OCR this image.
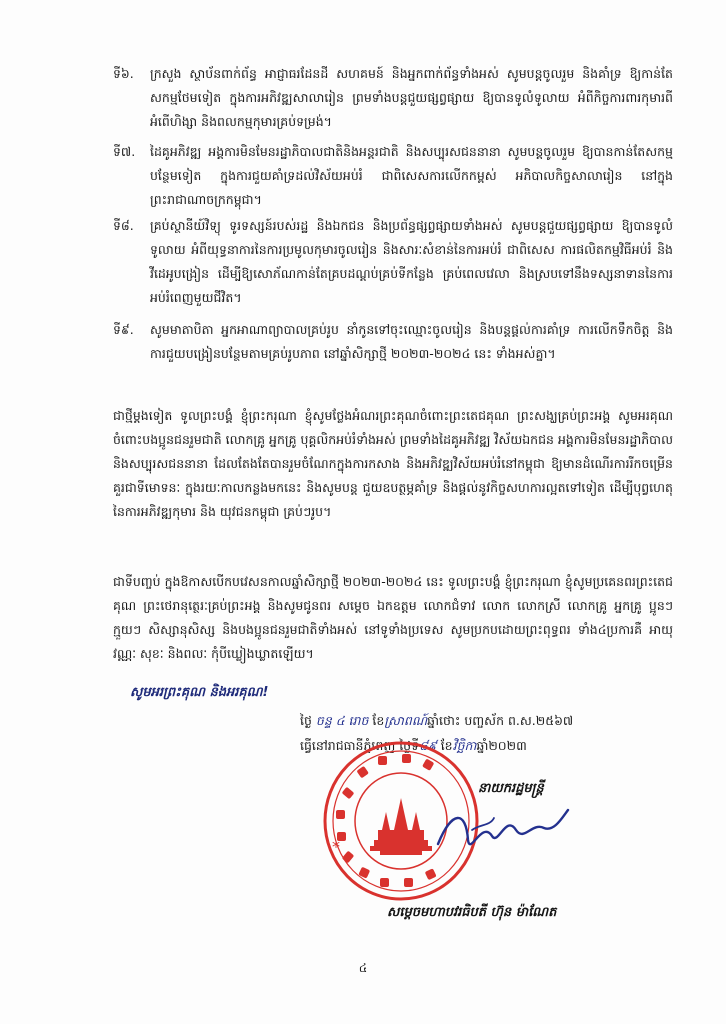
ទី៦.	ក្រសួង ស្ថាប័នពាក់ព័ន្ធ អាជ្ញាធរដែនដី សហគមន៍ និងអ្នកពាក់ព័ន្ធទាំងអស់ សូមបន្តចូលរួម និងគាំទ្រ ឱ្យកាន់តែសកម្មថែមទៀត ក្នុងការអភិវឌ្ឍសាលារៀន ព្រមទាំងបន្តជួយផ្សព្វផ្សាយ ឱ្យបានទូលំទូលាយ អំពីកិច្ចការពារកុមារពីអំពើហិង្សា និងពលកម្មកុមារគ្រប់ទម្រង់។
ទី៧.	ដៃគូអភិវឌ្ឍ អង្គការមិនមែនរដ្ឋាភិបាលជាតិនិងអន្តរជាតិ និងសប្បុរសជននានា សូមបន្តចូលរួម ឱ្យបានកាន់តែសកម្មបន្ថែមទៀត ក្នុងការជួយគាំទ្រដល់វិស័យអប់រំ ជាពិសេសការលើកកម្ពស់ អភិបាលកិច្ចសាលារៀន នៅក្នុងព្រះរាជាណាចក្រកម្ពុជា។
ទី៨.	គ្រប់ស្ថានីយ៍វិទ្យុ ទូរទស្សន៍របស់រដ្ឋ និងឯកជន និងប្រព័ន្ធផ្សព្វផ្សាយទាំងអស់ សូមបន្តជួយផ្សព្វផ្សាយ ឱ្យបានទូលំទូលាយ អំពីយុទ្ធនាការនៃការប្រមូលកុមារចូលរៀន និងសារៈសំខាន់នៃការអប់រំ ជាពិសេស ការផលិតកម្មវិធីអប់រំ និងវីដេអូបង្រៀន ដើម្បីឱ្យសោភ័ណកាន់តែគ្របដណ្តប់គ្រប់ទីកន្លែង គ្រប់ពេលវេលា និងស្របទៅនឹងទស្សនាទាននៃការអប់រំពេញមួយជីវិត។
ទី៩.	សូមមាតាបិតា អ្នកអាណាព្យាបាលគ្រប់រូប នាំកូនទៅចុះឈ្មោះចូលរៀន និងបន្តផ្តល់ការគាំទ្រ ការលើកទឹកចិត្ត និងការជួយបង្រៀនបន្ថែមតាមគ្រប់រូបភាព នៅឆ្នាំសិក្សាថ្មី ២០២៣-២០២៤ នេះ ទាំងអស់គ្នា។
ជាថ្មីម្តងទៀត ទូលព្រះបង្គំ ខ្ញុំព្រះករុណា ខ្ញុំសូមថ្លែងអំណរព្រះគុណចំពោះព្រះតេជគុណ ព្រះសង្ឃគ្រប់ព្រះអង្គ សូមអរគុណចំពោះបងប្អូនជនរួមជាតិ លោកគ្រូ អ្នកគ្រូ បុគ្គលិកអប់រំទាំងអស់ ព្រមទាំងដៃគូអភិវឌ្ឍ វិស័យឯកជន អង្គការមិនមែនរដ្ឋាភិបាល និងសប្បុរសជននានា ដែលតែងតែបានរួមចំណែកក្នុងការកសាង និងអភិវឌ្ឍវិស័យអប់រំនៅកម្ពុជា ឱ្យមានដំណើរការរីកចម្រើនគួរជាទីមោទនៈ ក្នុងរយៈកាលកន្លងមកនេះ និងសូមបន្ត ជួយឧបត្ថម្ភគាំទ្រ និងផ្តល់នូវកិច្ចសហការល្អតទៅទៀត ដើម្បីបុព្វហេតុនៃការអភិវឌ្ឍកុមារ និង យុវជនកម្ពុជា គ្រប់ៗរូប។
ជាទីបញ្ចប់ ក្នុងឱកាសបើកបវេសនកាលឆ្នាំសិក្សាថ្មី ២០២៣-២០២៤ នេះ ទូលព្រះបង្គំ ខ្ញុំព្រះករុណា ខ្ញុំសូមប្រគេនពរព្រះតេជគុណ ព្រះថេរានុត្ថេរៈគ្រប់ព្រះអង្គ និងសូមជូនពរ សម្តេច ឯកឧត្តម លោកជំទាវ លោក លោកស្រី លោកគ្រូ អ្នកគ្រូ ប្អូនៗ ក្មួយៗ សិស្សានុសិស្ស និងបងប្អូនជនរួមជាតិទាំងអស់ នៅទូទាំងប្រទេស សូមប្រកបដោយព្រះពុទ្ធពរ ទាំង៤ប្រការគឺ អាយុ វណ្ណៈ សុខៈ និងពលៈ កុំបីឃ្លៀងឃ្លាតឡើយ។
សូមអរព្រះគុណ និងអរគុណ!
ថ្ងៃ ចន្ទ ៤ រោច ខែស្រាពណ៍ឆ្នាំថោះ បញ្ចស័ក ព.ស.២៥៦៧
ធ្វើនៅរាជធានីភ្នំពេញ ថ្ងៃទី៨៩ ខែវិច្ឆិកាឆ្នាំ២០២៣
*
នាយករដ្ឋមន្ត្រី
សម្តេចមហាបវរធិបតី ហ៊ុន ម៉ាណែត
៤
